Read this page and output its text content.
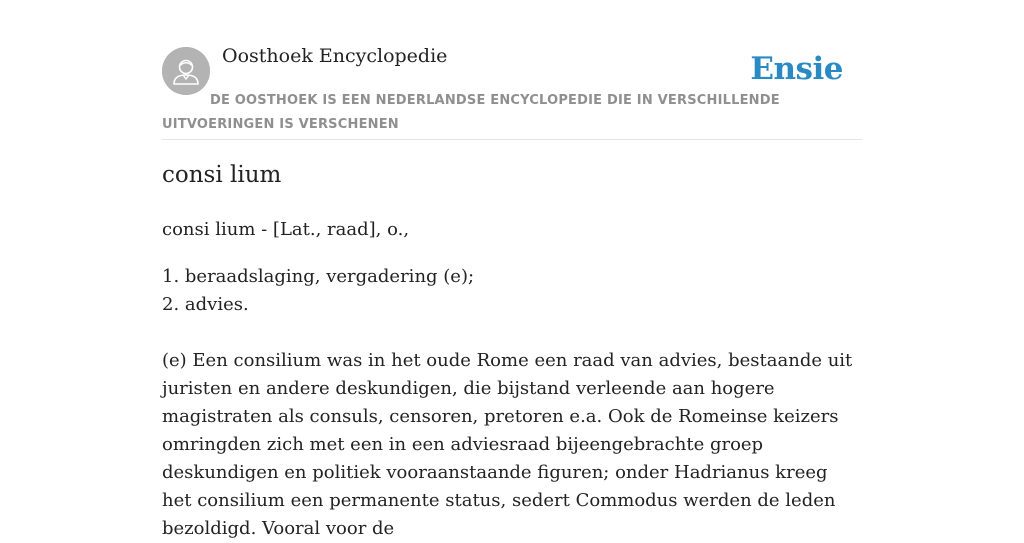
Oosthoek Encyclopedie	Ensie
DE OOSTHOEK IS EEN NEDERLANDSE ENCYCLOPEDIE DIE IN VERSCHILLENDE UITVOERINGEN IS VERSCHENEN
consi lium

consi lium - [Lat., raad], o.,

1. beraadslaging, vergadering (e);
2. advies.

(e) Een consilium was in het oude Rome een raad van advies, bestaande uit juristen en andere deskundigen, die bijstand verleende aan hogere magistraten als consuls, censoren, pretoren e.a. Ook de Romeinse keizers omringden zich met een in een adviesraad bijeengebrachte groep deskundigen en politiek vooraanstaande figuren; onder Hadrianus kreeg het consilium een permanente status, sedert Commodus werden de leden bezoldigd. Vooral voor de
